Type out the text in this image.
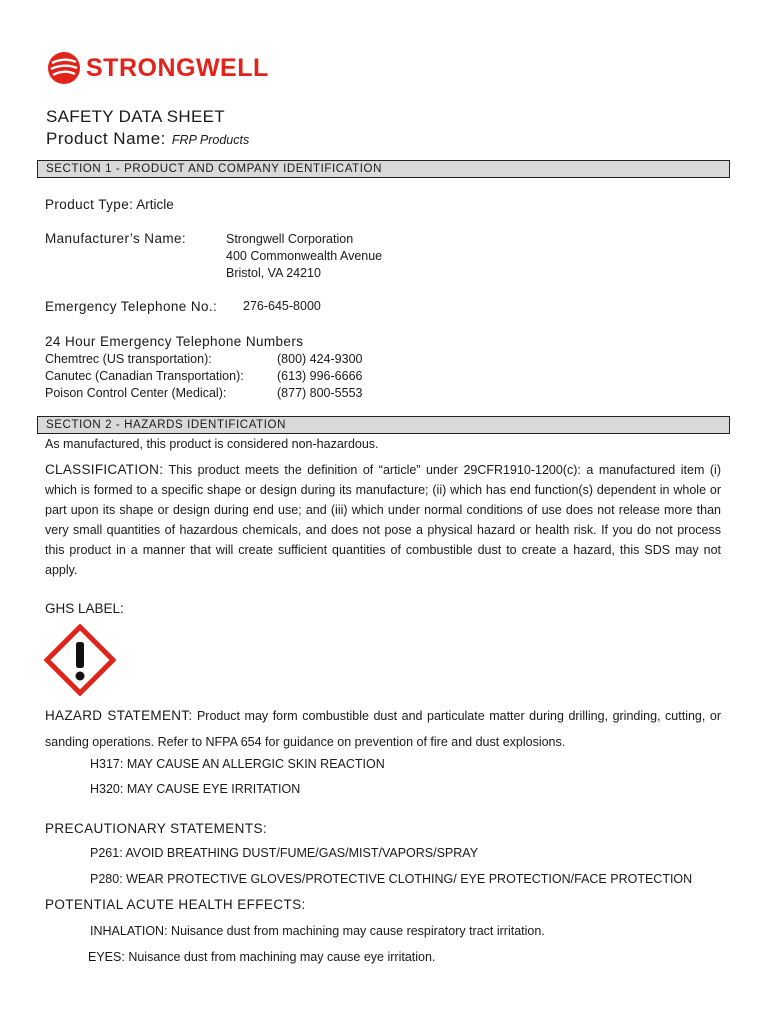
STRONGWELL
SAFETY DATA SHEET
Product Name: FRP Products
SECTION 1 - PRODUCT AND COMPANY IDENTIFICATION
Product Type: Article
Manufacturer’s Name:	Strongwell Corporation
400 Commonwealth Avenue
Bristol, VA 24210
Emergency Telephone No.: 276-645-8000
24 Hour Emergency Telephone Numbers
Chemtrec (US transportation):
Canutec (Canadian Transportation):
Poison Control Center (Medical):
(800) 424-9300
(613) 996-6666
(877) 800-5553
SECTION 2 - HAZARDS IDENTIFICATION
As manufactured, this product is considered non-hazardous.
CLASSIFICATION: This product meets the definition of “article” under 29CFR1910-1200(c): a manufactured item (i) which is formed to a specific shape or design during its manufacture; (ii) which has end function(s) dependent in whole or part upon its shape or design during end use; and (iii) which under normal conditions of use does not release more than very small quantities of hazardous chemicals, and does not pose a physical hazard or health risk. If you do not process this product in a manner that will create sufficient quantities of combustible dust to create a hazard, this SDS may not apply.
GHS LABEL:
HAZARD STATEMENT: Product may form combustible dust and particulate matter during drilling, grinding, cutting, or sanding operations. Refer to NFPA 654 for guidance on prevention of fire and dust explosions.
H317: MAY CAUSE AN ALLERGIC SKIN REACTION
H320: MAY CAUSE EYE IRRITATION
PRECAUTIONARY STATEMENTS:
P261: AVOID BREATHING DUST/FUME/GAS/MIST/VAPORS/SPRAY
P280: WEAR PROTECTIVE GLOVES/PROTECTIVE CLOTHING/ EYE PROTECTION/FACE PROTECTION
POTENTIAL ACUTE HEALTH EFFECTS:
INHALATION: Nuisance dust from machining may cause respiratory tract irritation.
EYES: Nuisance dust from machining may cause eye irritation.
